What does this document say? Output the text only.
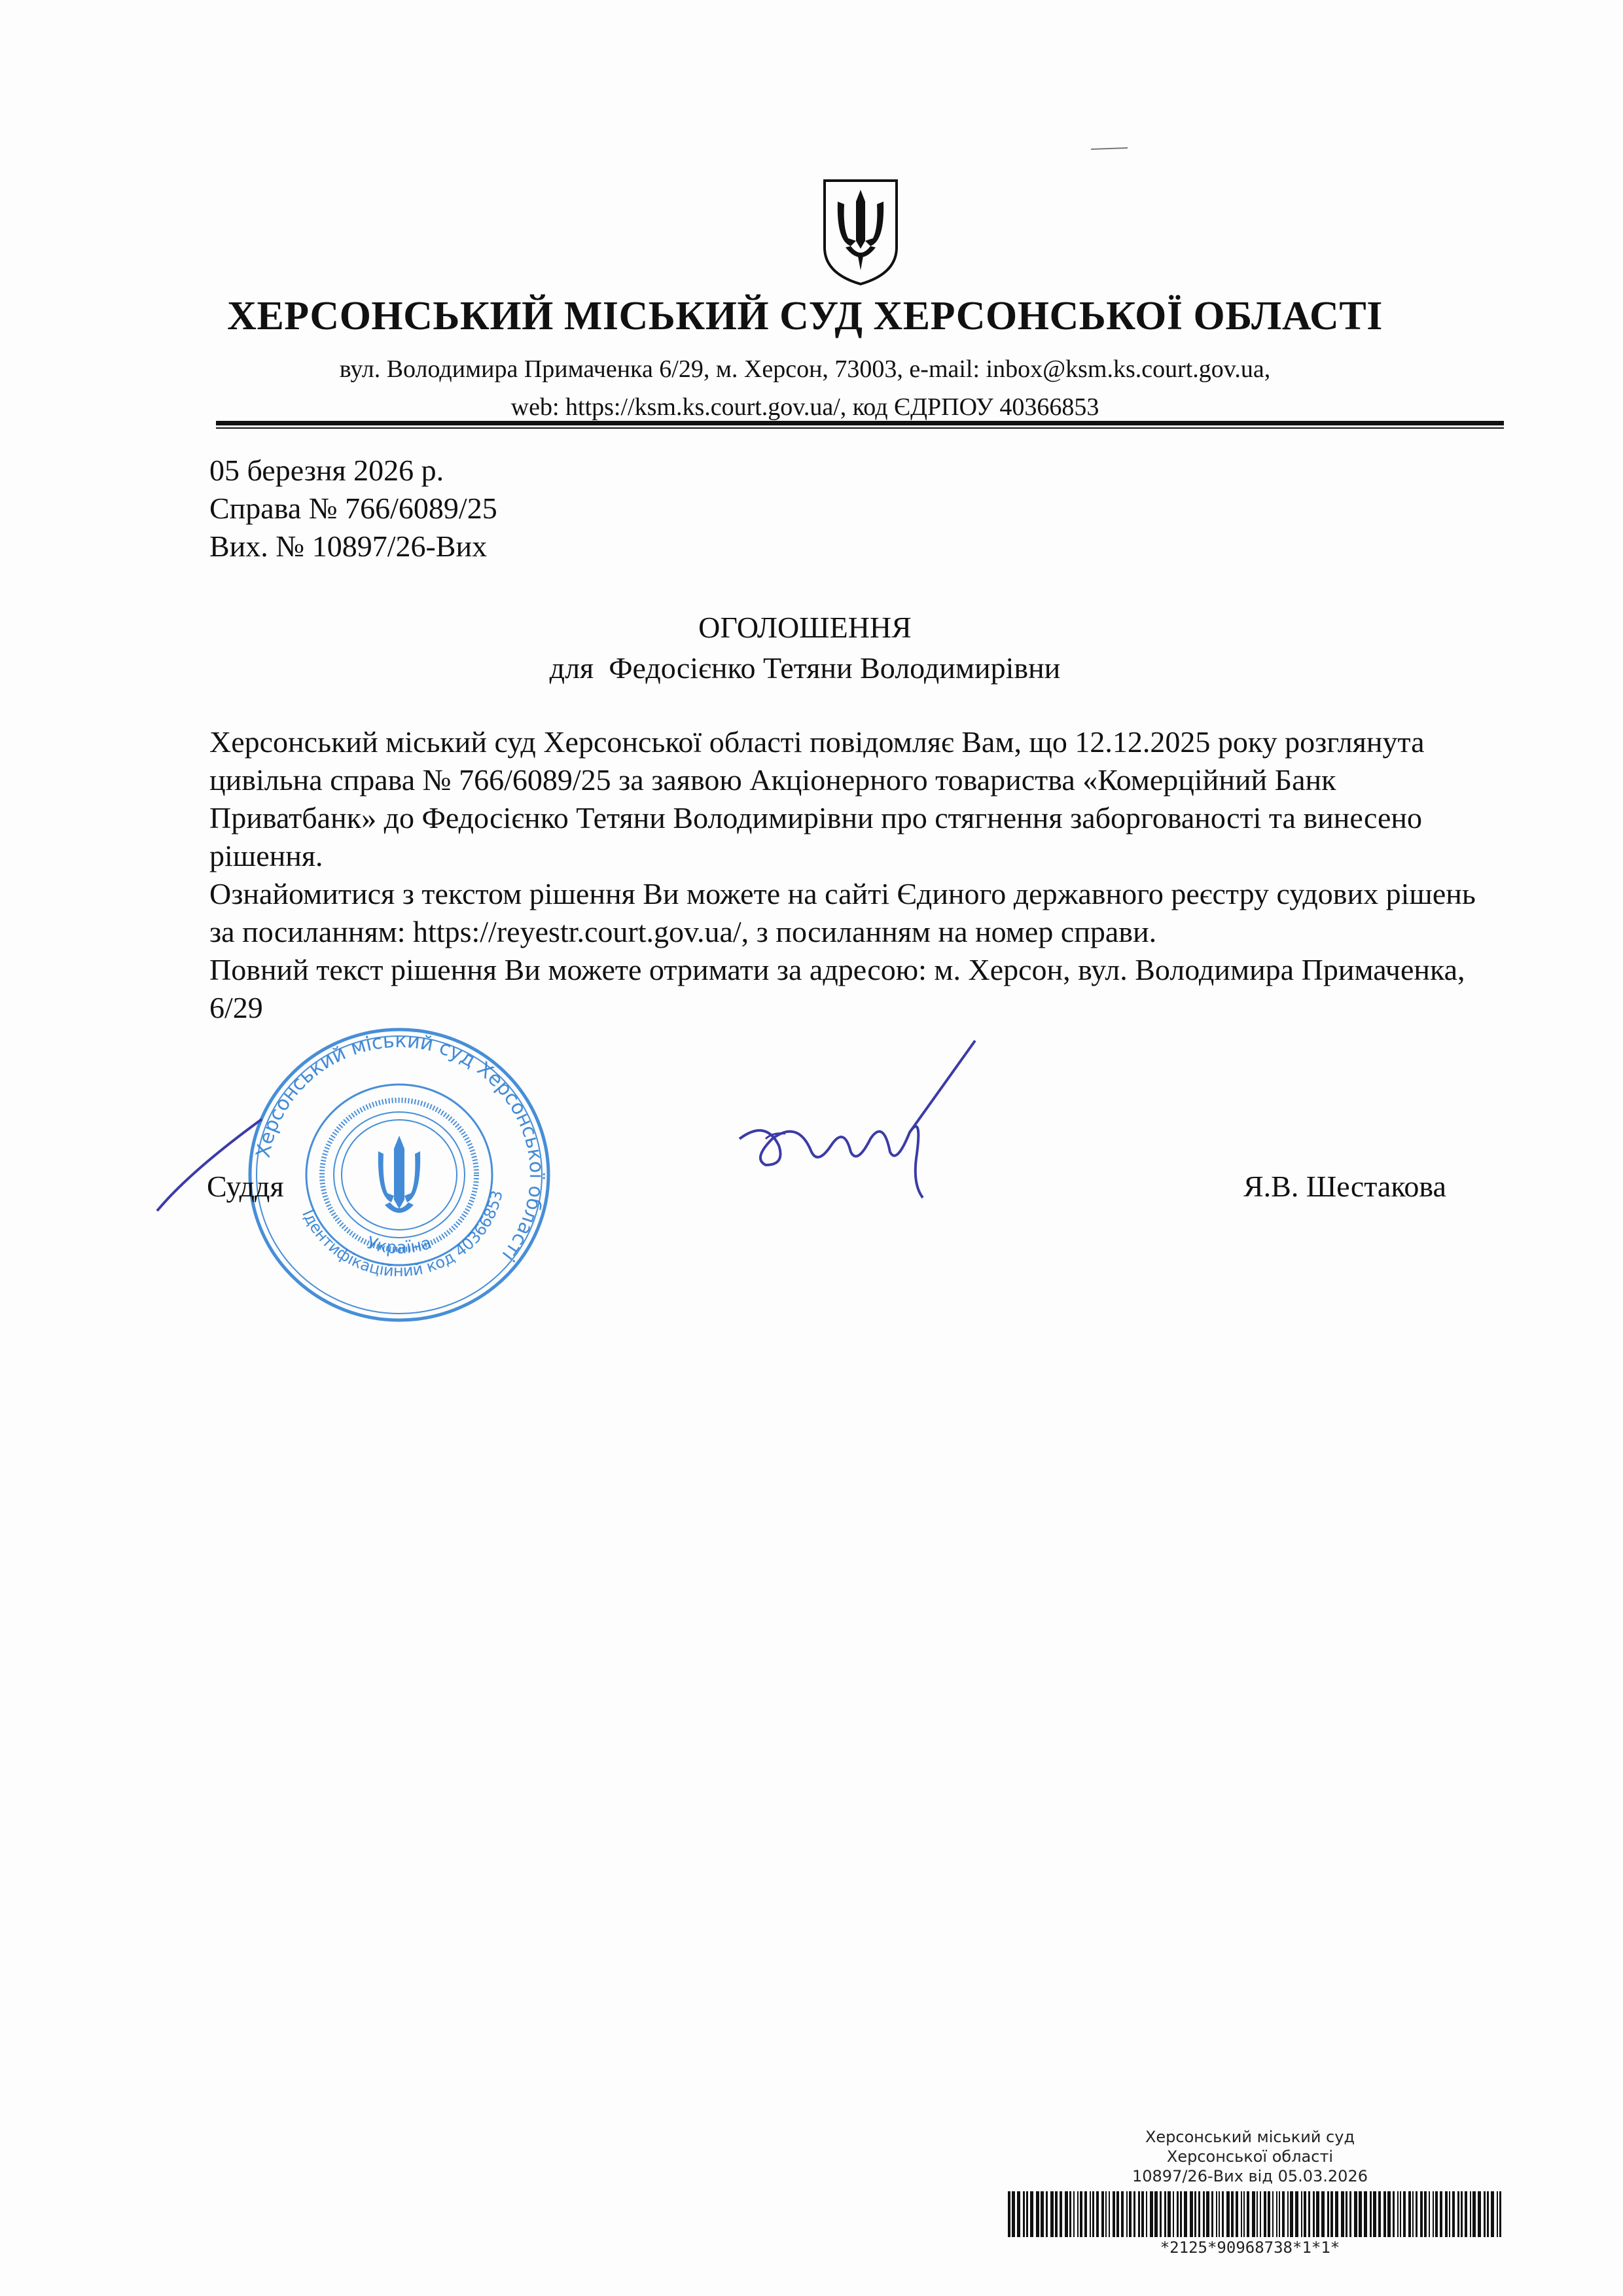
ХЕРСОНСЬКИЙ МІСЬКИЙ СУД ХЕРСОНСЬКОЇ ОБЛАСТІ
вул. Володимира Примаченка 6/29, м. Херсон, 73003, e-mail: inbox@ksm.ks.court.gov.ua,
web: https://ksm.ks.court.gov.ua/, код ЄДРПОУ 40366853
05 березня 2026 р.
Справа № 766/6089/25
Вих. № 10897/26-Вих
ОГОЛОШЕННЯ
для  Федосієнко Тетяни Володимирівни

Херсонський міський суд Херсонської області повідомляє Вам, що 12.12.2025 року розглянута цивільна справа № 766/6089/25 за заявою Акціонерного товариства «Комерційний Банк Приватбанк» до Федосієнко Тетяни Володимирівни про стягнення заборгованості та винесено рішення.

Ознайомитися з текстом рішення Ви можете на сайті Єдиного державного реєстру судових рішень за посиланням: https://reyestr.court.gov.ua/, з посиланням на номер справи.

Повний текст рішення Ви можете отримати за адресою: м. Херсон, вул. Володимира Примаченка, 6/29

Херсонський міський суд Херсонської області
Ідентифікаційний код 40366853
Україна
Суддя	Я.В. Шестакова
Херсонський міський суд
Херсонської області
10897/26-Вих від 05.03.2026
*2125*90968738*1*1*
